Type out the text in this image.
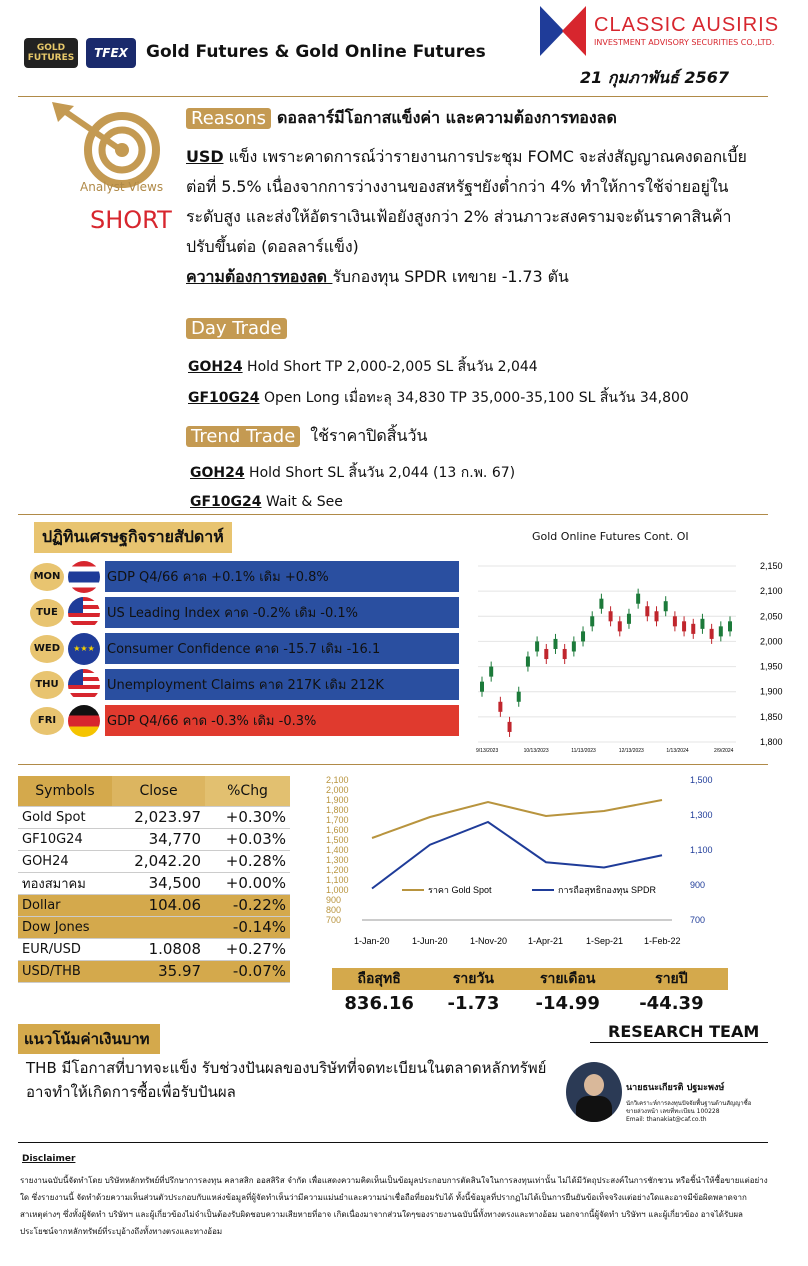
GOLD FUTURES	TFEX	Gold Futures & Gold Online Futures
CLASSIC AUSIRIS
INVESTMENT ADVISORY SECURITIES CO.,LTD.
21 กุมภาพันธ์ 2567
Analyst Views
SHORT
Reasons ดอลลาร์มีโอกาสแข็งค่า และความต้องการทองลด
USD แข็ง เพราะคาดการณ์ว่ารายงานการประชุม FOMC จะส่งสัญญาณคงดอกเบี้ย
ต่อที่ 5.5% เนื่องจากการว่างงานของสหรัฐฯยังต่ำกว่า 4% ทำให้การใช้จ่ายอยู่ใน
ระดับสูง และส่งให้อัตราเงินเฟ้อยังสูงกว่า 2% ส่วนภาวะสงครามจะดันราคาสินค้า
ปรับขึ้นต่อ (ดอลลาร์แข็ง)
ความต้องการทองลด รับกองทุน SPDR เทขาย -1.73 ตัน
Day Trade
GOH24 Hold Short TP 2,000-2,005 SL สิ้นวัน 2,044
GF10G24 Open Long เมื่อทะลุ 34,830 TP 35,000-35,100 SL สิ้นวัน 34,800
Trend Trade ใช้ราคาปิดสิ้นวัน
GOH24 Hold Short SL สิ้นวัน 2,044 (13 ก.พ. 67)
GF10G24 Wait & See
ปฏิทินเศรษฐกิจรายสัปดาห์
MON	GDP Q4/66 คาด +0.1% เดิม +0.8%
TUE	US Leading Index คาด -0.2% เดิม -0.1%
WED	★★★ Consumer Confidence คาด -15.7 เดิม -16.1
THU	Unemployment Claims คาด 217K เดิม 212K
FRI	GDP Q4/66 คาด -0.3% เดิม -0.3%
Gold Online Futures Cont. OI
2,150
2,100
2,050
2,000
1,950
1,900
1,850
1,800
9/13/2023	10/13/2023	11/13/2023	12/13/2023	1/13/2024	2/9/2024
Symbols	Close	%Chg
Gold Spot	2,023.97	+0.30%
GF10G24	34,770	+0.03%
GOH24	2,042.20	+0.28%
ทองสมาคม	34,500	+0.00%
Dollar	104.06	-0.22%
Dow Jones		-0.14%
EUR/USD	1.0808	+0.27%
USD/THB	35.97	-0.07%
2,100
2,000
1,900
1,800
1,700
1,600
1,500
1,400
1,300
1,200
1,100
1,000
900
800
700
1,500
1,300
1,100
900
700
1-Jan-20 1-Jun-20 1-Nov-20 1-Apr-21	1-Sep-21 1-Feb-22
ราคา Gold Spot	การถือสุทธิกองทุน SPDR
ถือสุทธิ	รายวัน	รายเดือน	รายปี
836.16	-1.73	-14.99	-44.39
แนวโน้มค่าเงินบาท
THB มีโอกาสที่บาทจะแข็ง รับช่วงปันผลของบริษัทที่จดทะเบียนในตลาดหลักทรัพย์
อาจทำให้เกิดการซื้อเพื่อรับปันผล
RESEARCH TEAM
นายธนะเกียรติ ปฐมะพงษ์
นักวิเคราะห์การลงทุนปัจจัยพื้นฐานด้านสัญญาซื้อ
ขายล่วงหน้า เลขที่ทะเบียน 100228
Email: thanakiat@caf.co.th
Disclaimer
รายงานฉบับนี้จัดทำโดย บริษัทหลักทรัพย์ที่ปรึกษาการลงทุน คลาสสิก ออสสิริส จำกัด เพื่อแสดงความคิดเห็นเป็นข้อมูลประกอบการตัดสินใจในการลงทุนเท่านั้น ไม่ได้มีวัตถุประสงค์ในการชักชวน หรือชี้นำให้ซื้อขายแต่อย่างใด ซึ่งรายงานนี้ จัดทำด้วยความเห็นส่วนตัวประกอบกับแหล่งข้อมูลที่ผู้จัดทำเห็นว่ามีความแม่นยำและความน่าเชื่อถือที่ยอมรับได้ ทั้งนี้ข้อมูลที่ปรากฏไม่ได้เป็นการยืนยันข้อเท็จจริงแต่อย่างใดและอาจมีข้อผิดพลาดจากสาเหตุต่างๆ ซึ่งทั้งผู้จัดทำ บริษัทฯ และผู้เกี่ยวข้องไม่จำเป็นต้องรับผิดชอบความเสียหายที่อาจ เกิดเนื่องมาจากส่วนใดๆของรายงานฉบับนี้ทั้งทางตรงและทางอ้อม นอกจากนี้ผู้จัดทำ บริษัทฯ และผู้เกี่ยวข้อง อาจได้รับผลประโยชน์จากหลักทรัพย์ที่ระบุอ้างถึงทั้งทางตรงและทางอ้อม
